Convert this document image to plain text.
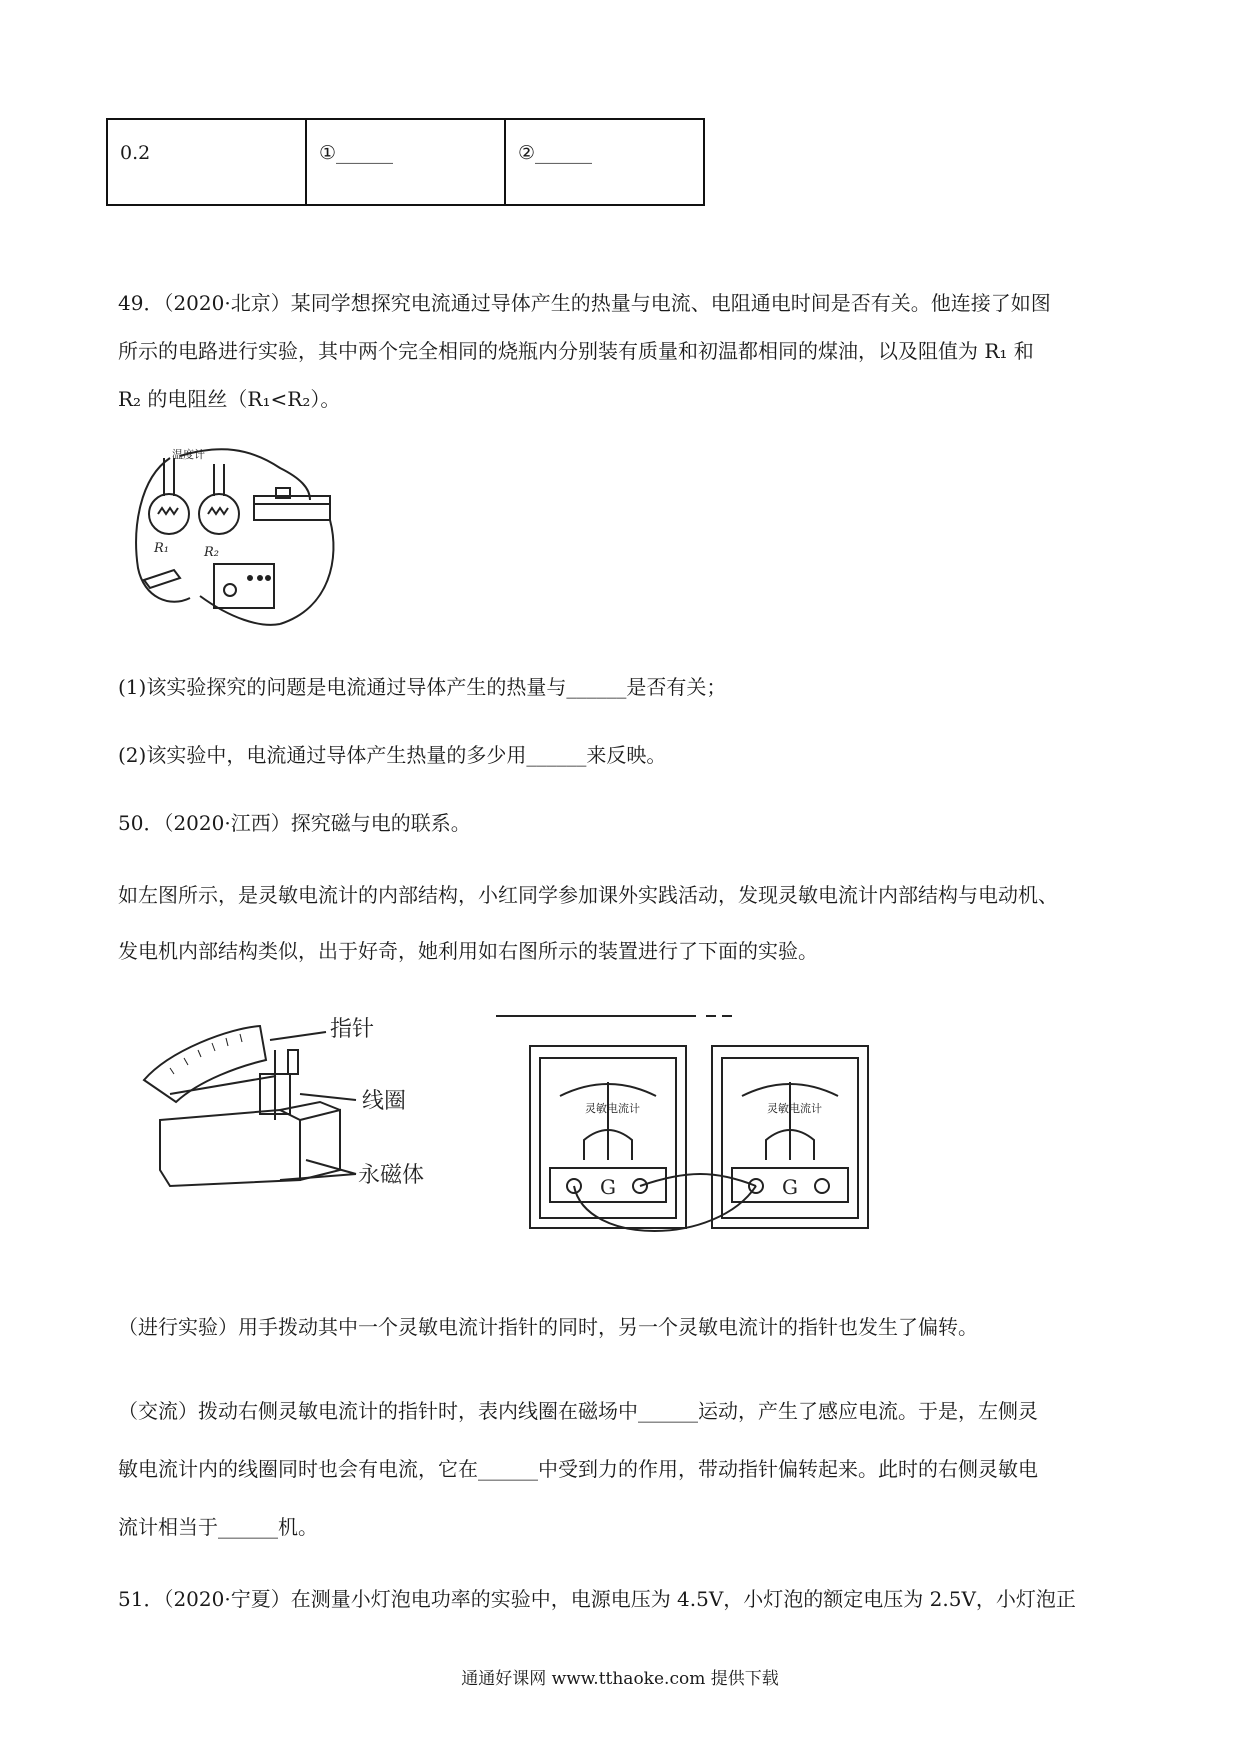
0.2	①______	②______
49．（2020·北京）某同学想探究电流通过导体产生的热量与电流、电阻通电时间是否有关。他连接了如图
所示的电路进行实验，其中两个完全相同的烧瓶内分别装有质量和初温都相同的煤油，以及阻值为 R₁ 和
R₂ 的电阻丝（R₁<R₂）。
温度计
R₁	R₂
(1)该实验探究的问题是电流通过导体产生的热量与______是否有关；
(2)该实验中，电流通过导体产生热量的多少用______来反映。
50．（2020·江西）探究磁与电的联系。
如左图所示，是灵敏电流计的内部结构，小红同学参加课外实践活动，发现灵敏电流计内部结构与电动机、
发电机内部结构类似，出于好奇，她利用如右图所示的装置进行了下面的实验。
指针
线圈
永磁体
灵敏电流计	灵敏电流计
G	G
（进行实验）用手拨动其中一个灵敏电流计指针的同时，另一个灵敏电流计的指针也发生了偏转。
（交流）拨动右侧灵敏电流计的指针时，表内线圈在磁场中______运动，产生了感应电流。于是，左侧灵
敏电流计内的线圈同时也会有电流，它在______中受到力的作用，带动指针偏转起来。此时的右侧灵敏电
流计相当于______机。
51．（2020·宁夏）在测量小灯泡电功率的实验中，电源电压为 4.5V，小灯泡的额定电压为 2.5V，小灯泡正
通通好课网 www.tthaoke.com 提供下载
